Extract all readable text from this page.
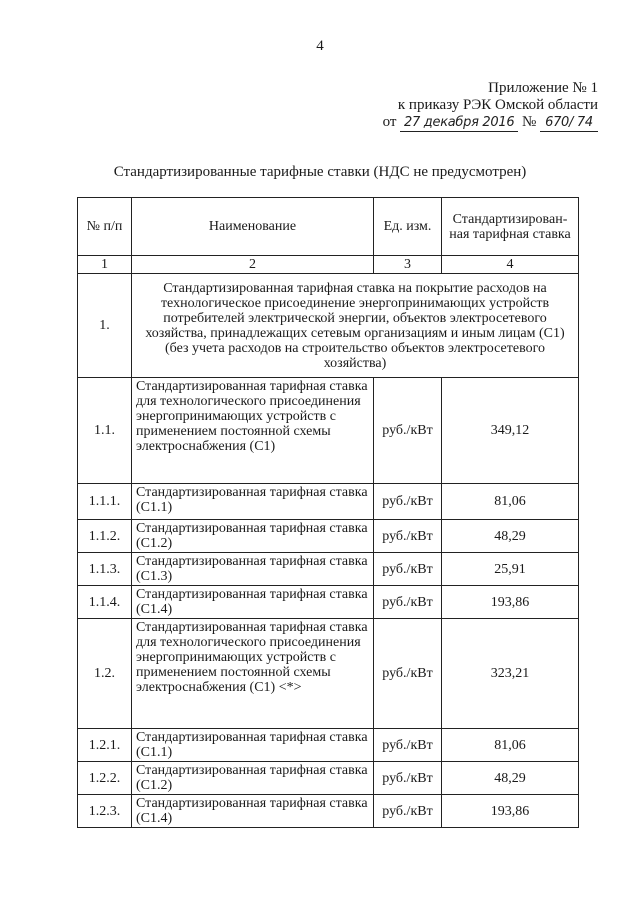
4
Приложение № 1
к приказу РЭК Омской области
от 27 декабря 2016 № 670/ 74
Стандартизированные тарифные ставки (НДС не предусмотрен)
№ п/п	Наименование	Ед. изм.	Стандартизирован-ная тарифная ставка
1	2	3	4
1.	Стандартизированная тарифная ставка на покрытие расходов на технологическое присоединение энергопринимающих устройств потребителей электрической энергии, объектов электросетевого хозяйства, принадлежащих сетевым организациям и иным лицам (С1) (без учета расходов на строительство объектов электросетевого хозяйства)		
1.1.	Стандартизированная тарифная ставка для технологического присоединения энергопринимающих устройств с применением постоянной схемы электроснабжения (С1)	руб./кВт	349,12
1.1.1.	Стандартизированная тарифная ставка (С1.1)	руб./кВт	81,06
1.1.2.	Стандартизированная тарифная ставка (С1.2)	руб./кВт	48,29
1.1.3.	Стандартизированная тарифная ставка (С1.3)	руб./кВт	25,91
1.1.4.	Стандартизированная тарифная ставка (С1.4)	руб./кВт	193,86
1.2.	Стандартизированная тарифная ставка для технологического присоединения энергопринимающих устройств с применением постоянной схемы электроснабжения (С1) <*>	руб./кВт	323,21
1.2.1.	Стандартизированная тарифная ставка (С1.1)	руб./кВт	81,06
1.2.2.	Стандартизированная тарифная ставка (С1.2)	руб./кВт	48,29
1.2.3.	Стандартизированная тарифная ставка (С1.4)	руб./кВт	193,86
